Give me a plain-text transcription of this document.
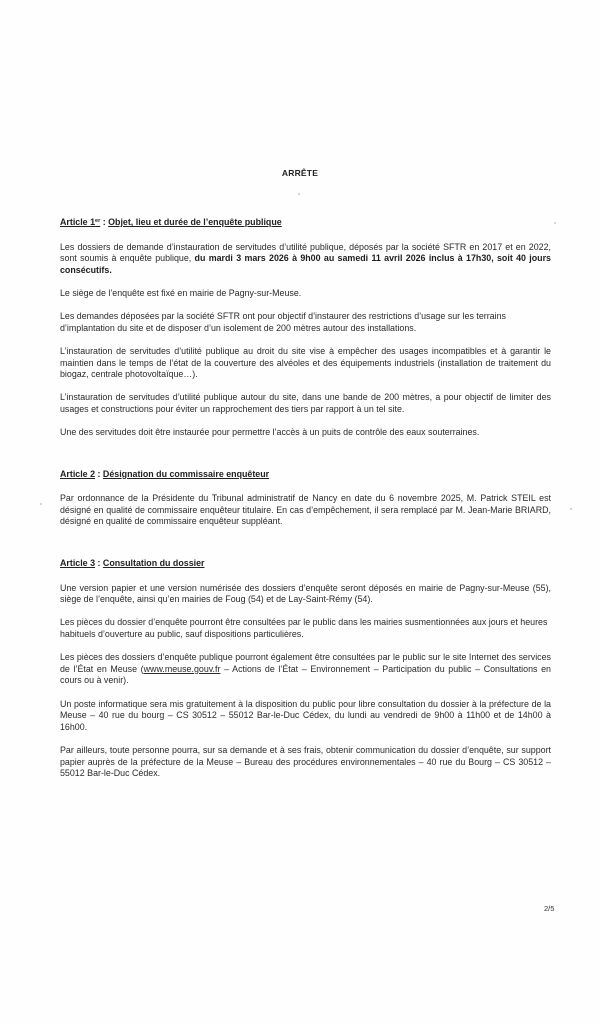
ARRÊTE
Article 1er : Objet, lieu et durée de l’enquête publique

Les dossiers de demande d’instauration de servitudes d’utilité publique, déposés par la société SFTR en 2017 et en 2022, sont soumis à enquête publique, du mardi 3 mars 2026 à 9h00 au samedi 11 avril 2026 inclus à 17h30, soit 40 jours consécutifs.

Le siège de l’enquête est fixé en mairie de Pagny-sur-Meuse.

Les demandes déposées par la société SFTR ont pour objectif d’instaurer des restrictions d’usage sur les terrains d’implantation du site et de disposer d’un isolement de 200 mètres autour des installations.

L’instauration de servitudes d’utilité publique au droit du site vise à empêcher des usages incompatibles et à garantir le maintien dans le temps de l’état de la couverture des alvéoles et des équipements industriels (installation de traitement du biogaz, centrale photovoltaïque…).

L’instauration de servitudes d’utilité publique autour du site, dans une bande de 200 mètres, a pour objectif de limiter des usages et constructions pour éviter un rapprochement des tiers par rapport à un tel site.

Une des servitudes doit être instaurée pour permettre l’accès à un puits de contrôle des eaux souterraines.

Article 2 : Désignation du commissaire enquêteur

Par ordonnance de la Présidente du Tribunal administratif de Nancy en date du 6 novembre 2025, M. Patrick STEIL est désigné en qualité de commissaire enquêteur titulaire. En cas d’empêchement, il sera remplacé par M. Jean-Marie BRIARD, désigné en qualité de commissaire enquêteur suppléant.

Article 3 : Consultation du dossier

Une version papier et une version numérisée des dossiers d’enquête seront déposés en mairie de Pagny-sur-Meuse (55), siège de l’enquête, ainsi qu’en mairies de Foug (54) et de Lay-Saint-Rémy (54).

Les pièces du dossier d’enquête pourront être consultées par le public dans les mairies susmentionnées aux jours et heures habituels d’ouverture au public, sauf dispositions particulières.

Les pièces des dossiers d’enquête publique pourront également être consultées par le public sur le site Internet des services de l’État en Meuse (www.meuse.gouv.fr – Actions de l’État – Environnement – Participation du public – Consultations en cours ou à venir).

Un poste informatique sera mis gratuitement à la disposition du public pour libre consultation du dossier à la préfecture de la Meuse – 40 rue du bourg – CS 30512 – 55012 Bar-le-Duc Cédex, du lundi au vendredi de 9h00 à 11h00 et de 14h00 à 16h00.

Par ailleurs, toute personne pourra, sur sa demande et à ses frais, obtenir communication du dossier d’enquête, sur support papier auprès de la préfecture de la Meuse – Bureau des procédures environnementales – 40 rue du Bourg – CS 30512 – 55012 Bar-le-Duc Cédex.

2/5
